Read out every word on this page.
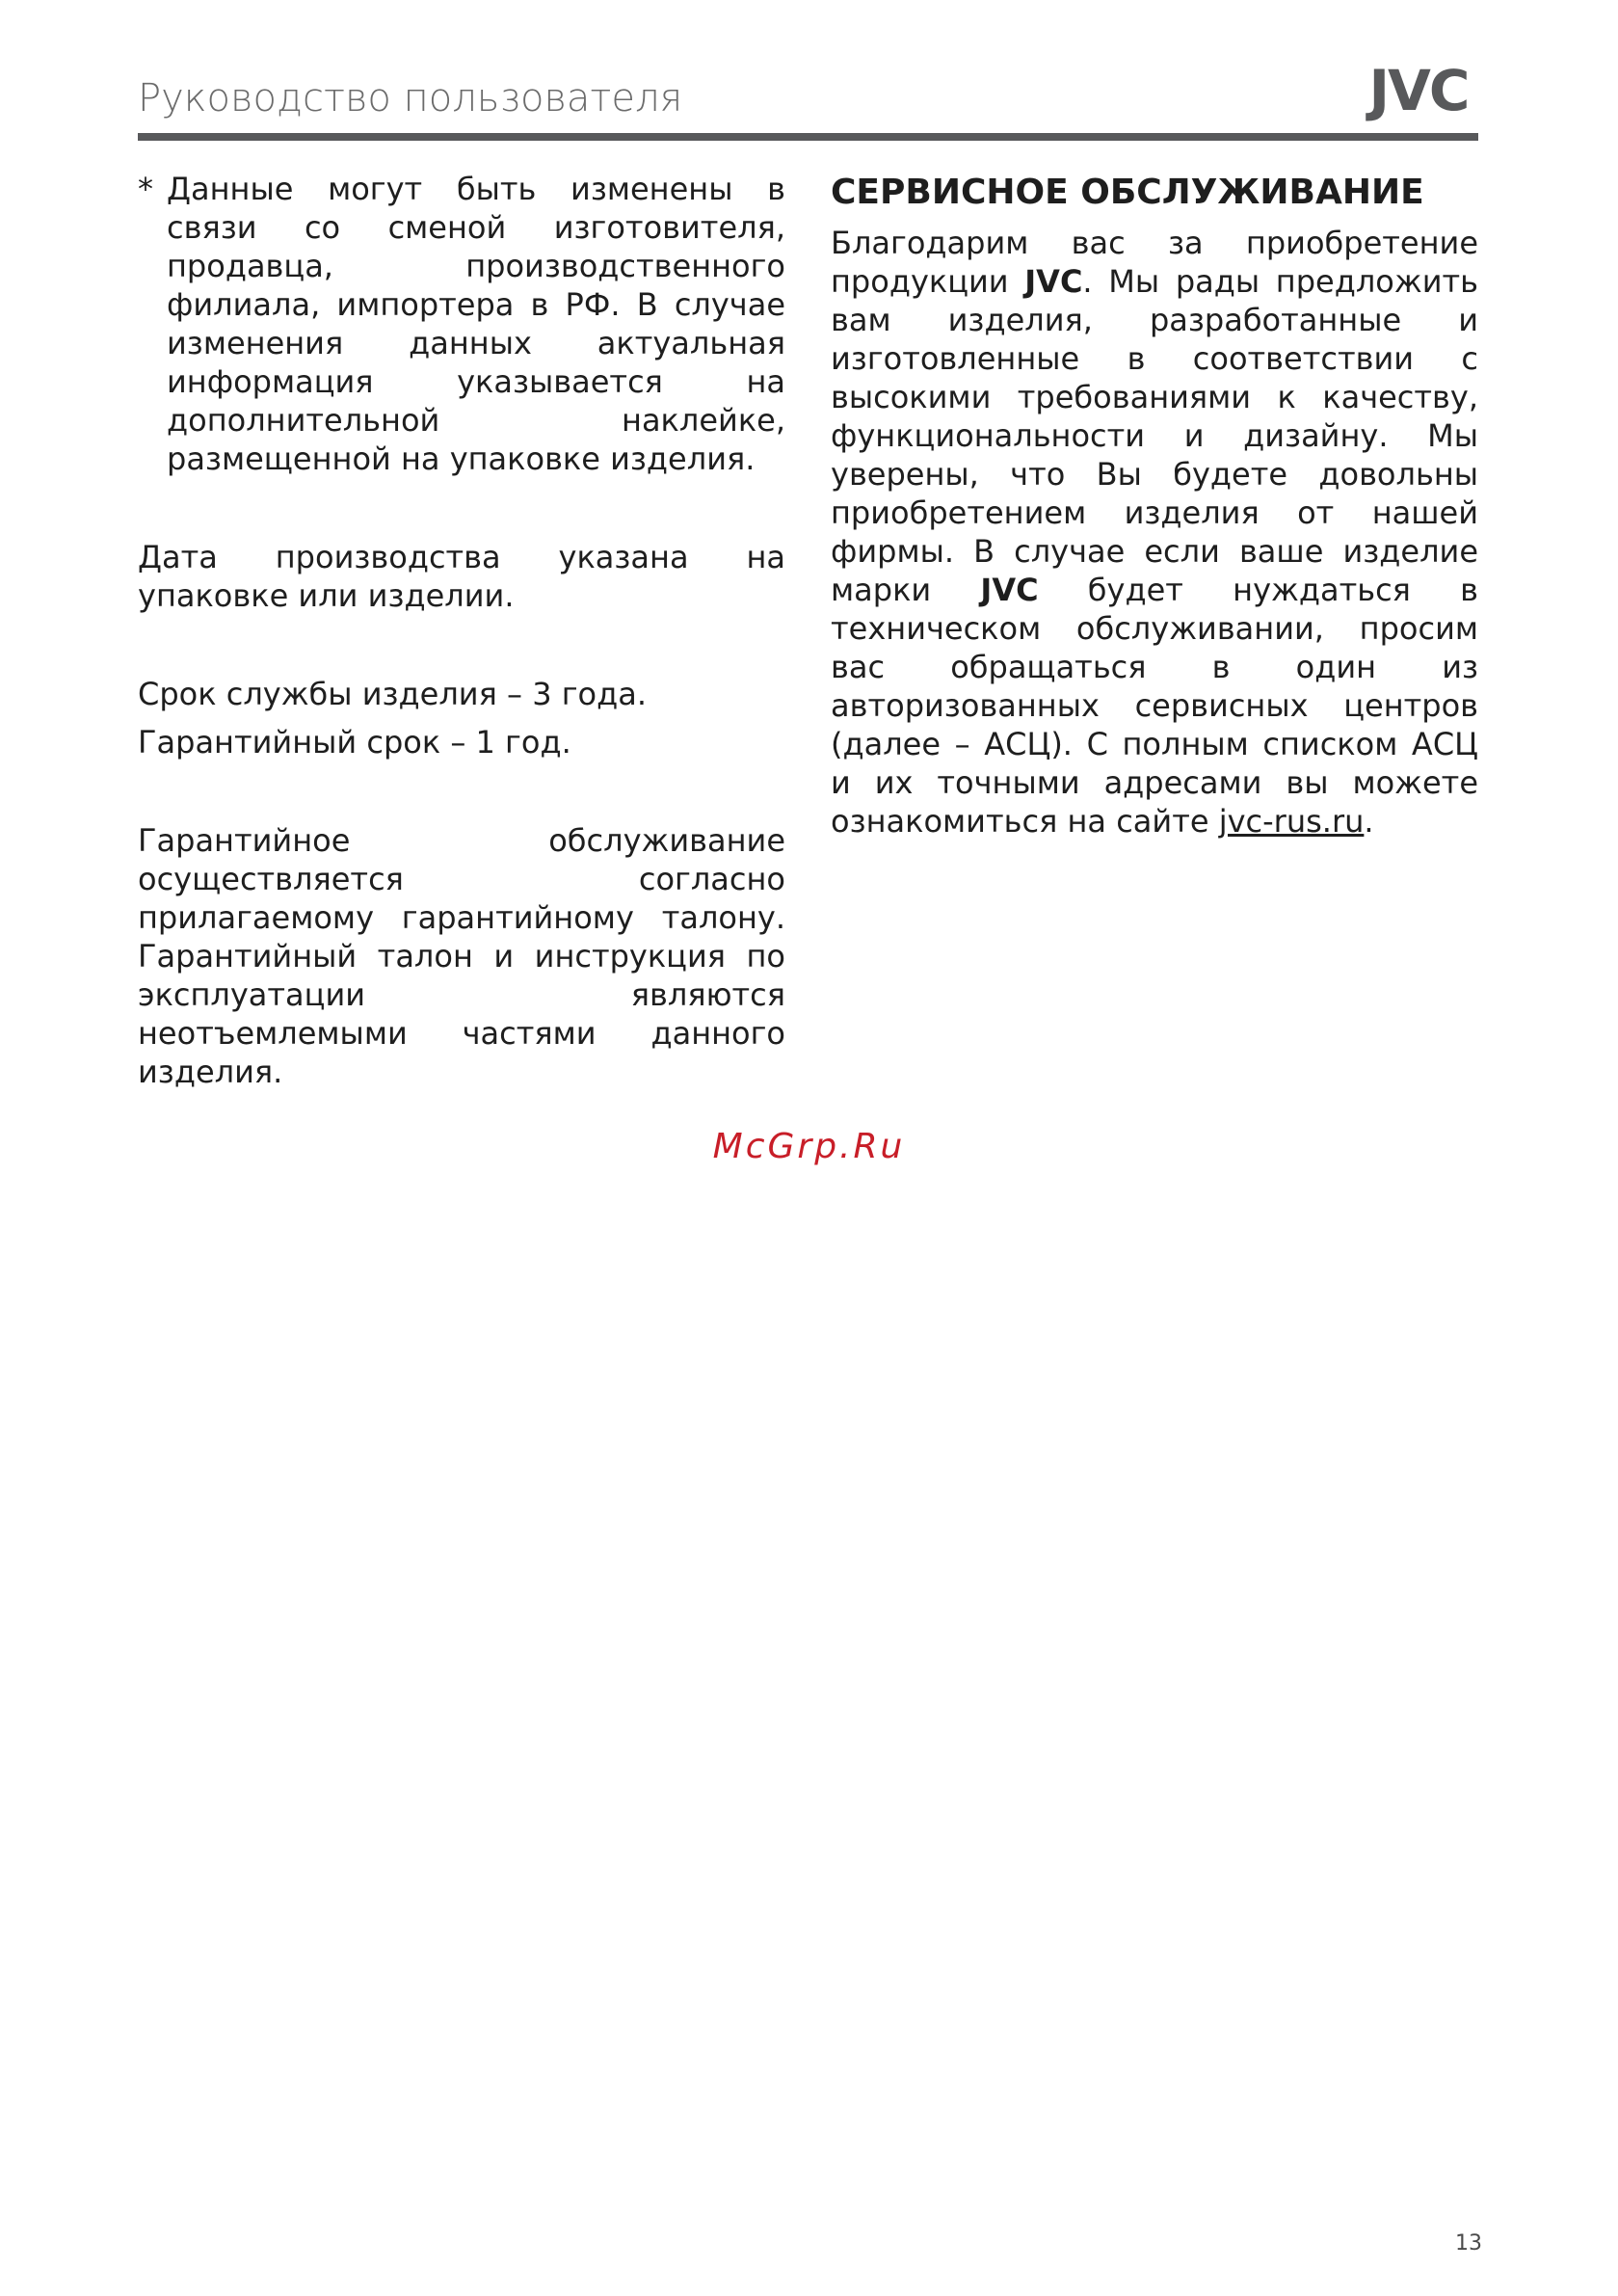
Руководство пользователя	JVC

* Данные могут быть изменены в связи со сменой изготовителя, продавца, производственного филиала, импортера в РФ. В случае изменения данных актуальная информация указывается на дополнительной наклейке, размещенной на упаковке изделия.

Дата производства указана на упаковке или изделии.

Срок службы изделия – 3 года.

Гарантийный срок – 1 год.

Гарантийное обслуживание осуществляется согласно прилагаемому гарантийному талону. Гарантийный талон и инструкция по эксплуатации являются неотъемлемыми частями данного изделия.

СЕРВИСНОЕ ОБСЛУЖИВАНИЕ

Благодарим вас за приобретение продукции JVC. Мы рады предложить вам изделия, разработанные и изготовленные в соответствии с высокими требованиями к качеству, функциональности и дизайну. Мы уверены, что Вы будете довольны приобретением изделия от нашей фирмы. В случае если ваше изделие марки JVC будет нуждаться в техническом обслуживании, просим вас обращаться в один из авторизованных сервисных центров (далее – АСЦ). С полным списком АСЦ и их точными адресами вы можете ознакомиться на сайте jvc-rus.ru.

McGrp.Ru
13
